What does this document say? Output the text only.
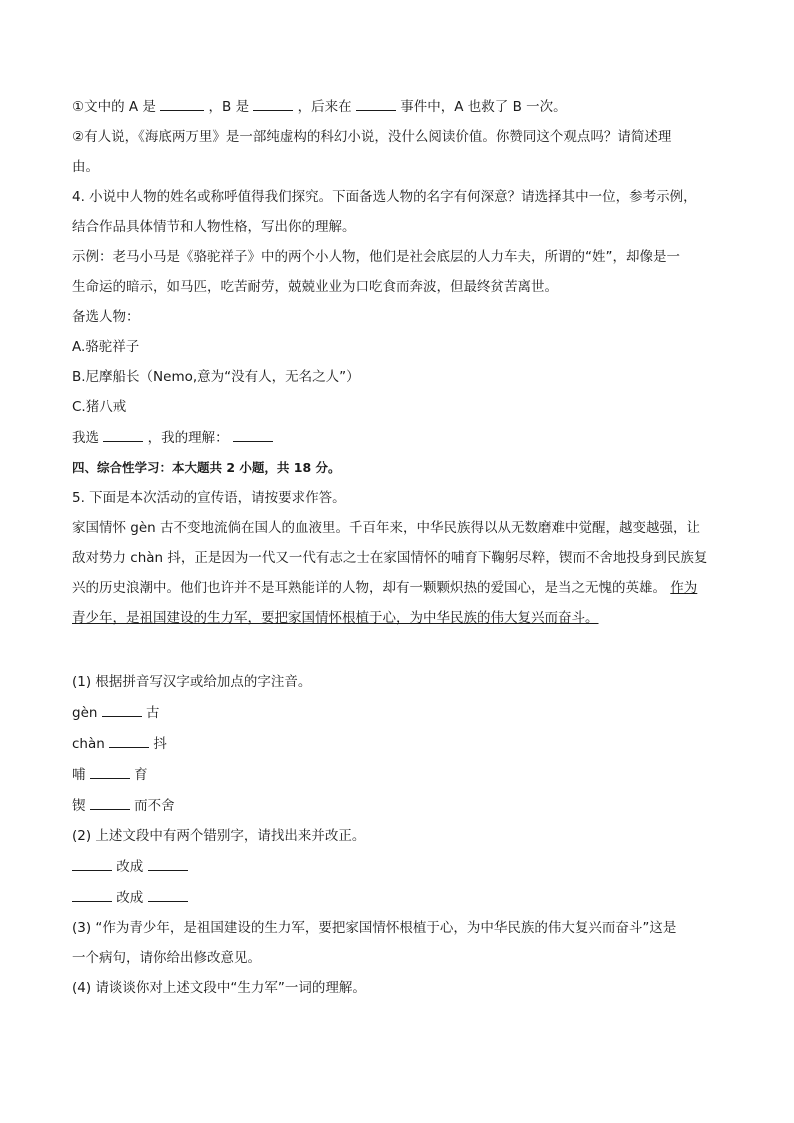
①文中的 A 是	，B 是	，后来在	事件中，A 也救了 B 一次。

②有人说，《海底两万里》是一部纯虚构的科幻小说，没什么阅读价值。你赞同这个观点吗？请简述理

由。

4. 小说中人物的姓名或称呼值得我们探究。下面备选人物的名字有何深意？请选择其中一位，参考示例，

结合作品具体情节和人物性格，写出你的理解。

示例：老马小马是《骆驼祥子》中的两个小人物，他们是社会底层的人力车夫，所谓的“姓”，却像是一

生命运的暗示，如马匹，吃苦耐劳，兢兢业业为口吃食而奔波，但最终贫苦离世。

备选人物：

A.骆驼祥子

B.尼摩船长（Nemo,意为“没有人，无名之人”）

C.猪八戒

我选	，我的理解：

四、综合性学习：本大题共 2 小题，共 18 分。

5. 下面是本次活动的宣传语，请按要求作答。

家国情怀 gèn 古不变地流倘在国人的血液里。千百年来，中华民族得以从无数磨难中觉醒，越变越强，让

敌对势力 chàn 抖，正是因为一代又一代有志之士在家国情怀的哺育下鞠躬尽粹，锲而不舍地投身到民族复

兴的历史浪潮中。他们也许并不是耳熟能详的人物，却有一颗颗炽热的爱国心，是当之无愧的英雄。 作为

青少年，是祖国建设的生力军，要把家国情怀根植于心，为中华民族的伟大复兴而奋斗。

(1) 根据拼音写汉字或给加点的字注音。

gèn	古

chàn	抖

哺	育

锲	而不舍

(2) 上述文段中有两个错别字，请找出来并改正。

改成

改成

(3) “作为青少年，是祖国建设的生力军，要把家国情怀根植于心，为中华民族的伟大复兴而奋斗”这是

一个病句，请你给出修改意见。

(4) 请谈谈你对上述文段中“生力军”一词的理解。
